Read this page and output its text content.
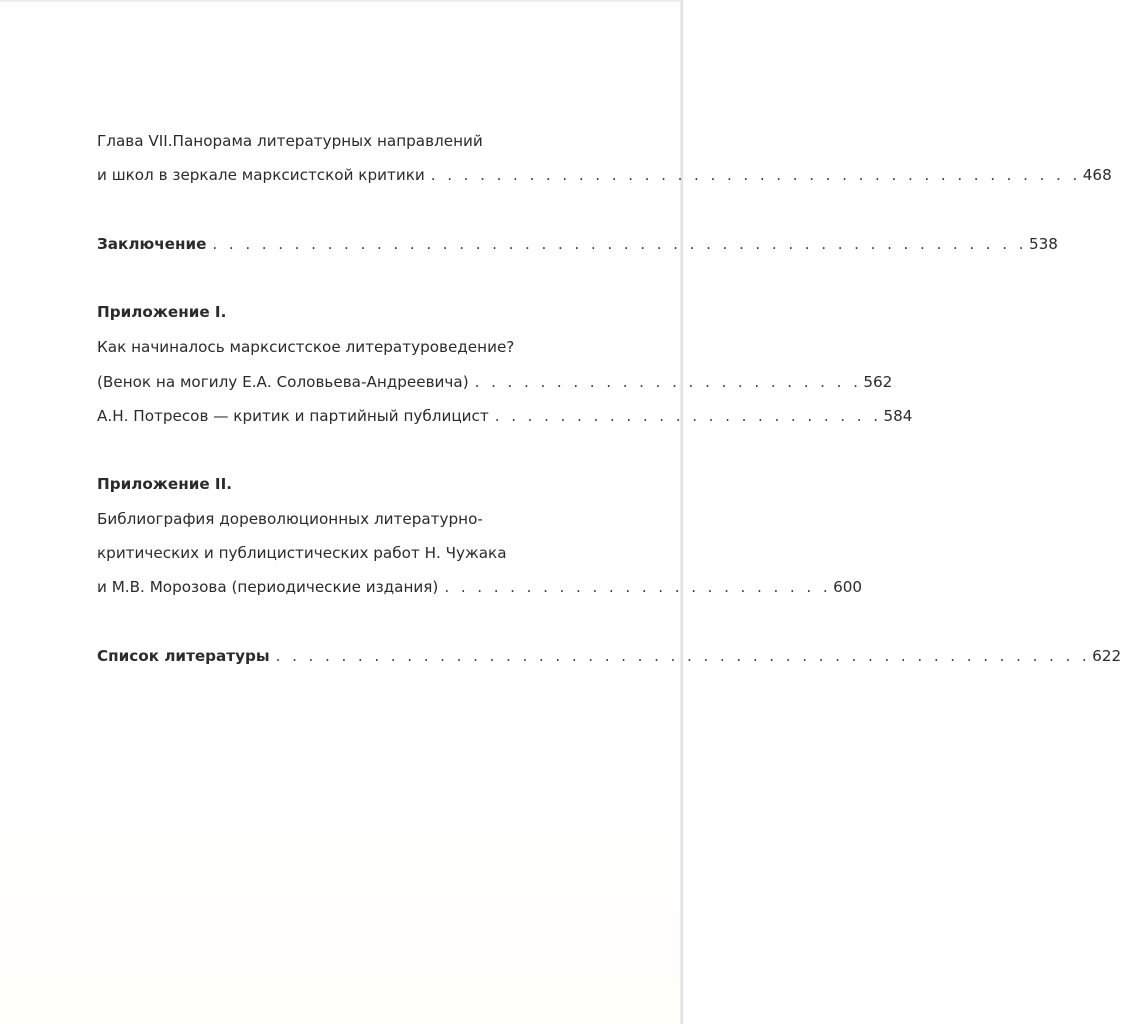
Глава VII. Панорама литературных направлений
и школ в зеркале марксистской критики . . . . . . . . . . . . . . . . . . . . . . . . . . . . . . . . . . . . . . . . 468
Заключение . . . . . . . . . . . . . . . . . . . . . . . . . . . . . . . . . . . . . . . . . . . . . . . . . . 538
Приложение I.
Как начиналось марксистское литературоведение?
(Венок на могилу Е.А. Соловьева-Андреевича) . . . . . . . . . . . . . . . . . . . . . . . . 562
А.Н. Потресов — критик и партийный публицист . . . . . . . . . . . . . . . . . . . . . . . . 584
Приложение II.
Библиография дореволюционных литературно-
критических и публицистических работ Н. Чужака
и М.В. Морозова (периодические издания) . . . . . . . . . . . . . . . . . . . . . . . . 600
Список литературы . . . . . . . . . . . . . . . . . . . . . . . . . . . . . . . . . . . . . . . . . . . . . . . . . . 622
